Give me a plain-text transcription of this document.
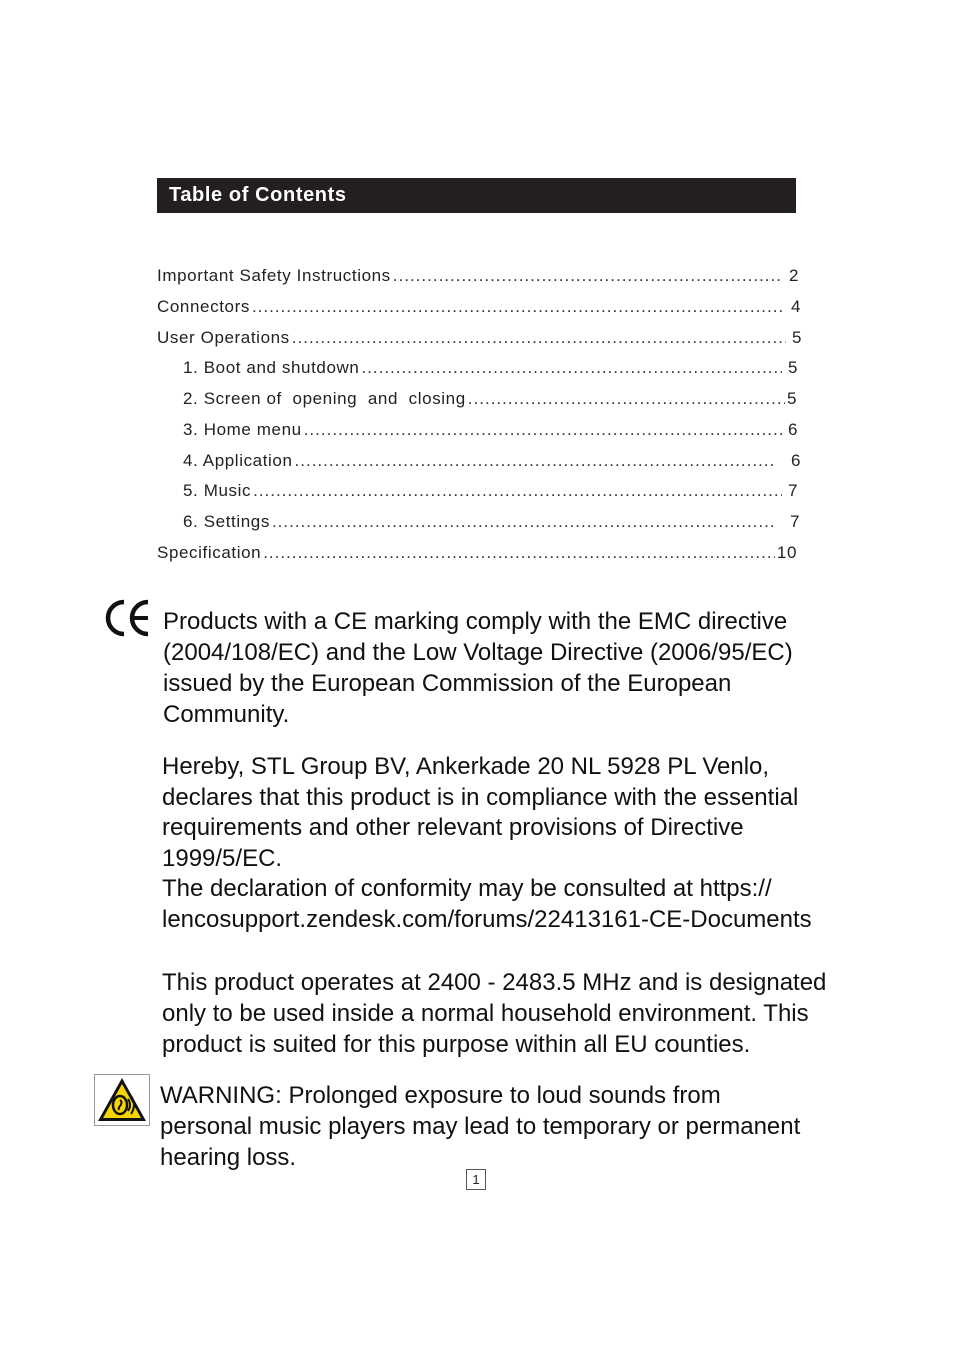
Table of Contents
Important Safety Instructions .....	2
Connectors .....	4
User Operations .....	5
1. Boot and shutdown .....	5
2. Screen of  opening  and  closing .....	5
3. Home menu .....	6
4. Application .....	6
5. Music .....	7
6. Settings .....	7
Specification .....	10
Products with a CE marking comply with the EMC directive
(2004/108/EC) and the Low Voltage Directive (2006/95/EC)
issued by the European Commission of the European
Community.
Hereby, STL Group BV, Ankerkade 20 NL 5928 PL Venlo,
declares that this product is in compliance with the essential
requirements and other relevant provisions of Directive
1999/5/EC.
The declaration of conformity may be consulted at https://
lencosupport.zendesk.com/forums/22413161-CE-Documents
This product operates at 2400 - 2483.5 MHz and is designated
only to be used inside a normal household environment. This
product is suited for this purpose within all EU counties.
WARNING: Prolonged exposure to loud sounds from
personal music players may lead to temporary or permanent
hearing loss.
1
